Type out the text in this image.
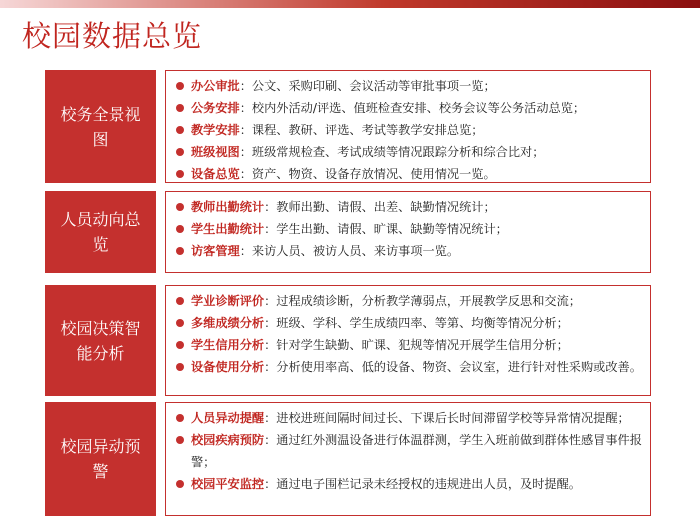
校园数据总览
校务全景视图
办公审批：公文、采购印刷、会议活动等审批事项一览；
公务安排：校内外活动/评选、值班检查安排、校务会议等公务活动总览；
教学安排：课程、教研、评选、考试等教学安排总览；
班级视图：班级常规检查、考试成绩等情况跟踪分析和综合比对；
设备总览：资产、物资、设备存放情况、使用情况一览。
人员动向总览
教师出勤统计：教师出勤、请假、出差、缺勤情况统计；
学生出勤统计：学生出勤、请假、旷课、缺勤等情况统计；
访客管理：来访人员、被访人员、来访事项一览。
校园决策智能分析
学业诊断评价：过程成绩诊断，分析教学薄弱点，开展教学反思和交流；
多维成绩分析：班级、学科、学生成绩四率、等第、均衡等情况分析；
学生信用分析：针对学生缺勤、旷课、犯规等情况开展学生信用分析；
设备使用分析：分析使用率高、低的设备、物资、会议室，进行针对性采购或改善。
校园异动预警
人员异动提醒：进校进班间隔时间过长、下课后长时间滞留学校等异常情况提醒；
校园疾病预防：通过红外测温设备进行体温群测，学生入班前做到群体性感冒事件报警；
校园平安监控：通过电子围栏记录未经授权的违规进出人员，及时提醒。
